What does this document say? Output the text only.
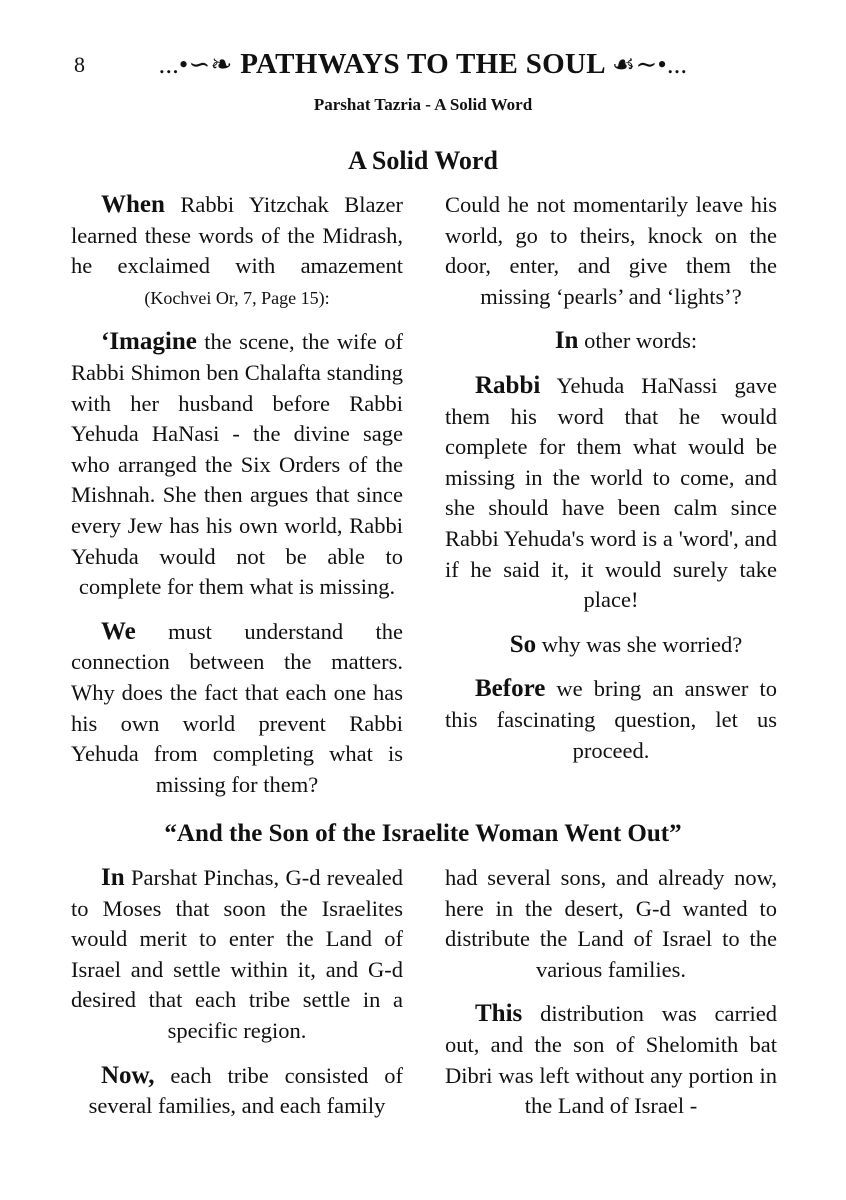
8	...•∽❧ PATHWAYS TO THE SOUL ☙∼•...
Parshat Tazria - A Solid Word
A Solid Word

When Rabbi Yitzchak Blazer learned these words of the Midrash, he exclaimed with amazement (Kochvei Or, 7, Page 15):

‘Imagine the scene, the wife of Rabbi Shimon ben Chalafta standing with her husband before Rabbi Yehuda HaNasi - the divine sage who arranged the Six Orders of the Mishnah. She then argues that since every Jew has his own world, Rabbi Yehuda would not be able to complete for them what is missing.

We must understand the connection between the matters. Why does the fact that each one has his own world prevent Rabbi Yehuda from completing what is missing for them?

Could he not momentarily leave his world, go to theirs, knock on the door, enter, and give them the missing ‘pearls’ and ‘lights’?

In other words:

Rabbi Yehuda HaNassi gave them his word that he would complete for them what would be missing in the world to come, and she should have been calm since Rabbi Yehuda's word is a 'word', and if he said it, it would surely take place!

So why was she worried?

Before we bring an answer to this fascinating question, let us proceed.

“And the Son of the Israelite Woman Went Out”

In Parshat Pinchas, G-d revealed to Moses that soon the Israelites would merit to enter the Land of Israel and settle within it, and G-d desired that each tribe settle in a specific region.

Now, each tribe consisted of several families, and each family

had several sons, and already now, here in the desert, G-d wanted to distribute the Land of Israel to the various families.

This distribution was carried out, and the son of Shelomith bat Dibri was left without any portion in the Land of Israel -
